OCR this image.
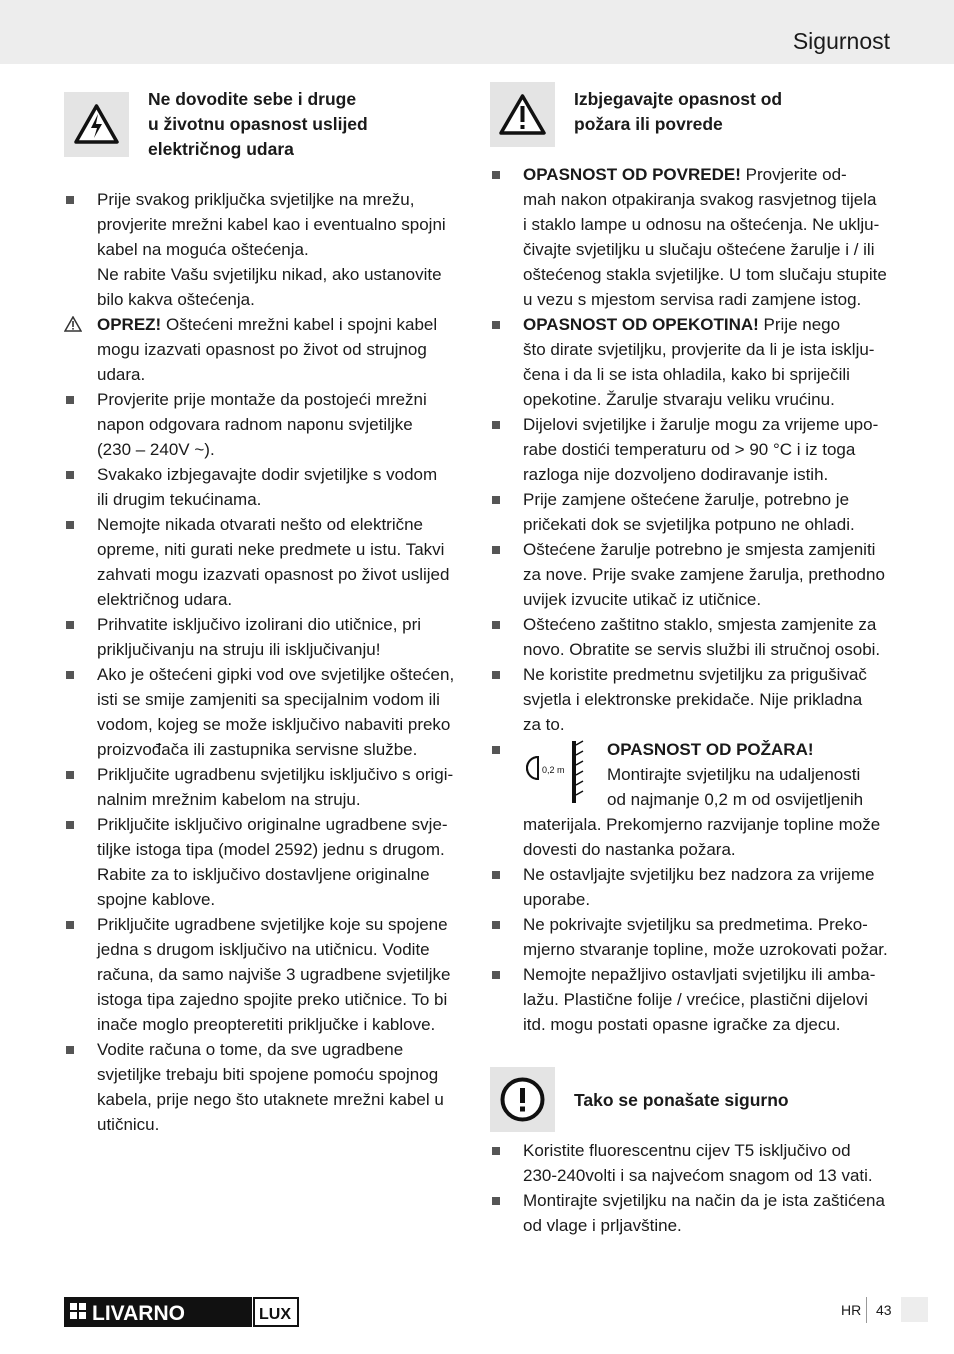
Sigurnost
Ne dovodite sebe i druge
u životnu opasnost uslijed
električnog udara
Prije svakog priključka svjetiljke na mrežu,
provjerite mrežni kabel kao i eventualno spojni
kabel na moguća oštećenja.
Ne rabite Vašu svjetiljku nikad, ako ustanovite
bilo kakva oštećenja.
OPREZ! Oštećeni mrežni kabel i spojni kabel
mogu izazvati opasnost po život od strujnog
udara.
Provjerite prije montaže da postojeći mrežni
napon odgovara radnom naponu svjetiljke
(230 – 240V ~).
Svakako izbjegavajte dodir svjetiljke s vodom
ili drugim tekućinama.
Nemojte nikada otvarati nešto od električne
opreme, niti gurati neke predmete u istu. Takvi
zahvati mogu izazvati opasnost po život uslijed
električnog udara.
Prihvatite isključivo izolirani dio utičnice, pri
priključivanju na struju ili isključivanju!
Ako je oštećeni gipki vod ove svjetiljke oštećen,
isti se smije zamjeniti sa specijalnim vodom ili
vodom, kojeg se može isključivo nabaviti preko
proizvođača ili zastupnika servisne službe.
Priključite ugradbenu svjetiljku isključivo s origi-
nalnim mrežnim kabelom na struju.
Priključite isključivo originalne ugradbene svje-
tiljke istoga tipa (model 2592) jednu s drugom.
Rabite za to isključivo dostavljene originalne
spojne kablove.
Priključite ugradbene svjetiljke koje su spojene
jedna s drugom isključivo na utičnicu. Vodite
računa, da samo najviše 3 ugradbene svjetiljke
istoga tipa zajedno spojite preko utičnice. To bi
inače moglo preopteretiti priključke i kablove.
Vodite računa o tome, da sve ugradbene
svjetiljke trebaju biti spojene pomoću spojnog
kabela, prije nego što utaknete mrežni kabel u
utičnicu.
Izbjegavajte opasnost od
požara ili povrede
OPASNOST OD POVREDE! Provjerite od-
mah nakon otpakiranja svakog rasvjetnog tijela
i staklo lampe u odnosu na oštećenja. Ne uklju-
čivajte svjetiljku u slučaju oštećene žarulje i / ili
oštećenog stakla svjetiljke. U tom slučaju stupite
u vezu s mjestom servisa radi zamjene istog.
OPASNOST OD OPEKOTINA! Prije nego
što dirate svjetiljku, provjerite da li je ista isklju-
čena i da li se ista ohladila, kako bi spriječili
opekotine. Žarulje stvaraju veliku vrućinu.
Dijelovi svjetiljke i žarulje mogu za vrijeme upo-
rabe dostići temperaturu od > 90 °C i iz toga
razloga nije dozvoljeno dodiravanje istih.
Prije zamjene oštećene žarulje, potrebno je
pričekati dok se svjetiljka potpuno ne ohladi.
Oštećene žarulje potrebno je smjesta zamjeniti
za nove. Prije svake zamjene žarulja, prethodno
uvijek izvucite utikač iz utičnice.
Oštećeno zaštitno staklo, smjesta zamjenite za
novo. Obratite se servis službi ili stručnoj osobi.
Ne koristite predmetnu svjetiljku za prigušivač
svjetla i elektronske prekidače. Nije prikladna
za to.
0,2 m
OPASNOST OD POŽARA!
Montirajte svjetiljku na udaljenosti
od najmanje 0,2 m od osvijetljenih
materijala. Prekomjerno razvijanje topline može
dovesti do nastanka požara.
Ne ostavljajte svjetiljku bez nadzora za vrijeme
uporabe.
Ne pokrivajte svjetiljku sa predmetima. Preko-
mjerno stvaranje topline, može uzrokovati požar.
Nemojte nepažljivo ostavljati svjetiljku ili amba-
lažu. Plastične folije / vrećice, plastični dijelovi
itd. mogu postati opasne igračke za djecu.
Tako se ponašate sigurno
Koristite fluorescentnu cijev T5 isključivo od
230-240volti i sa najvećom snagom od 13 vati.
Montirajte svjetiljku na način da je ista zaštićena
od vlage i prljavštine.
LIVARNO	LUX	HR 43
